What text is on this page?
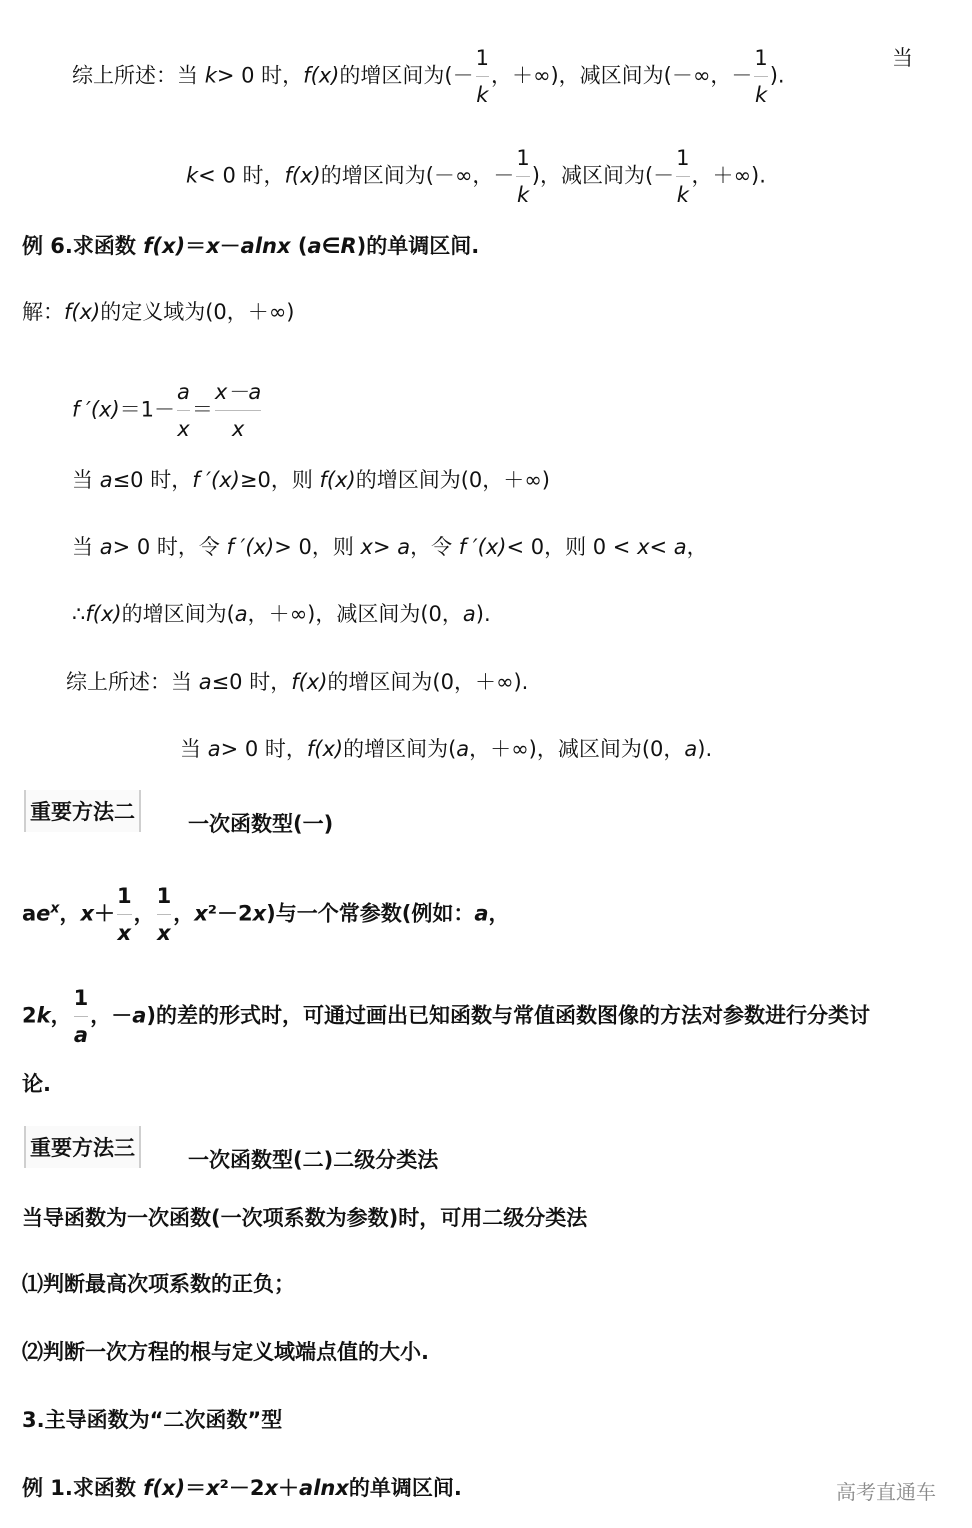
综上所述：当 k> 0 时，f(x)的增区间为(－ $\frac{1}{k}$ ，＋∞)，减区间为(－∞，－ $\frac{1}{k}$ ).
当
k< 0 时，f(x)的增区间为(－∞，－ $\frac{1}{k}$ )，减区间为(－ $\frac{1}{k}$ ，＋∞).
例 6.求函数 f(x)＝x－alnx (a∈R)的单调区间.
解：f(x)的定义域为(0，＋∞)
f $'(x)=1- \frac{a}{x} = \frac{x-a}{x}$
当 a≤0 时，f ′(x)≥0，则 f(x)的增区间为(0，＋∞)
当 a> 0 时，令 f ′(x)> 0，则 x> a，令 f ′(x)< 0，则 0 < x< a，
∴f(x)的增区间为(a，＋∞)，减区间为(0，a).
综上所述：当 a≤0 时，f(x)的增区间为(0，＋∞).
当 a> 0 时，f(x)的增区间为(a，＋∞)，减区间为(0，a).
重要方法二	一次函数型(一)
$ae^x$，$x+ \frac{1}{x}$ ， $\frac{1}{x}$ ，x²－2x)与一个常参数(例如：a，
2k， $\frac{1}{a}$ ，－a)的差的形式时，可通过画出已知函数与常值函数图像的方法对参数进行分类讨
论.
重要方法三	一次函数型(二)二级分类法
当导函数为一次函数(一次项系数为参数)时，可用二级分类法
⑴判断最高次项系数的正负；
⑵判断一次方程的根与定义域端点值的大小.
3.主导函数为“二次函数”型
例 1.求函数 f(x)＝x²－2x＋alnx的单调区间.	高考直通车
